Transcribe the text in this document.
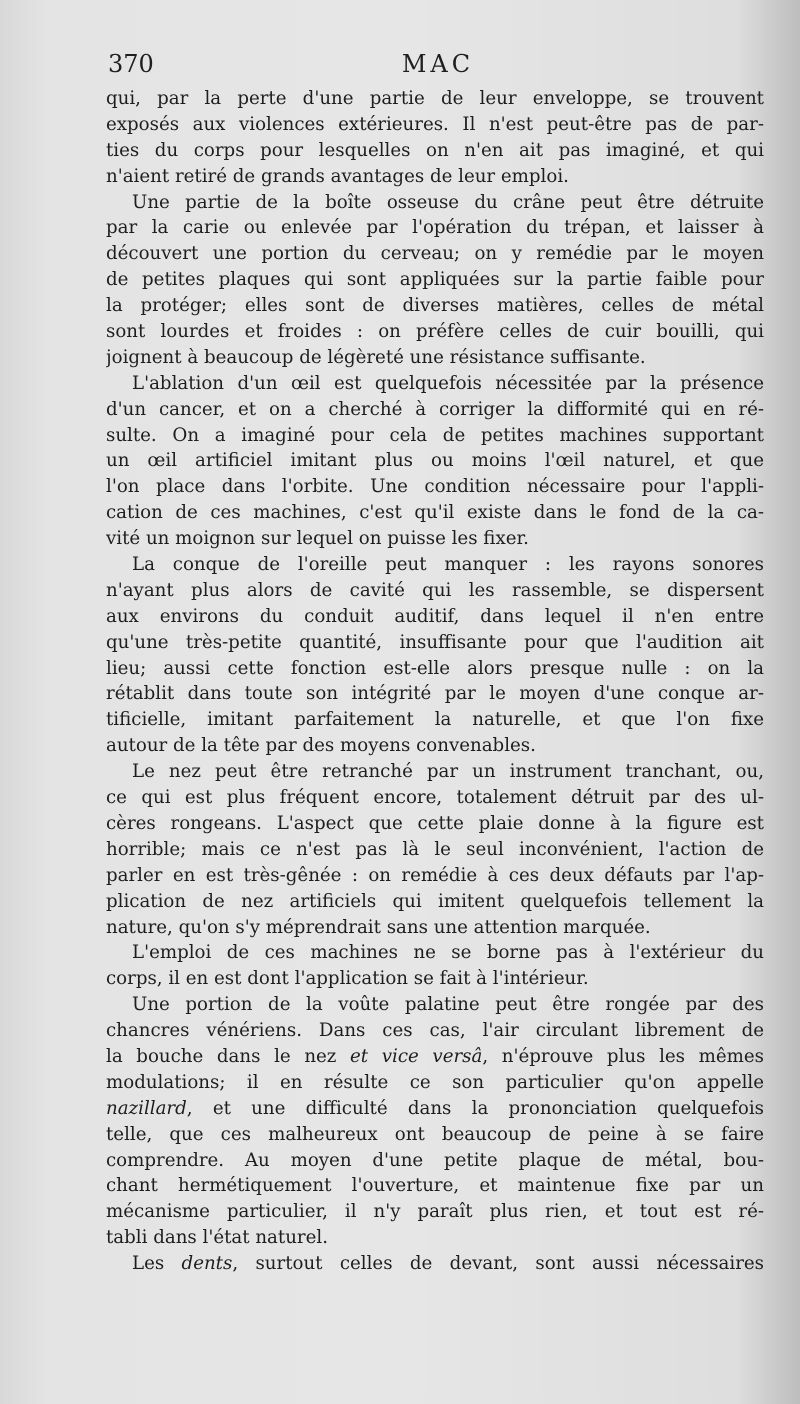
370	MAC
qui, par la perte d'une partie de leur enveloppe, se trouvent
exposés aux violences extérieures. Il n'est peut-être pas de par-
ties du corps pour lesquelles on n'en ait pas imaginé, et qui
n'aient retiré de grands avantages de leur emploi.
Une partie de la boîte osseuse du crâne peut être détruite
par la carie ou enlevée par l'opération du trépan, et laisser à
découvert une portion du cerveau; on y remédie par le moyen
de petites plaques qui sont appliquées sur la partie faible pour
la protéger; elles sont de diverses matières, celles de métal
sont lourdes et froides : on préfère celles de cuir bouilli, qui
joignent à beaucoup de légèreté une résistance suffisante.
L'ablation d'un œil est quelquefois nécessitée par la présence
d'un cancer, et on a cherché à corriger la difformité qui en ré-
sulte. On a imaginé pour cela de petites machines supportant
un œil artificiel imitant plus ou moins l'œil naturel, et que
l'on place dans l'orbite. Une condition nécessaire pour l'appli-
cation de ces machines, c'est qu'il existe dans le fond de la ca-
vité un moignon sur lequel on puisse les fixer.
La conque de l'oreille peut manquer : les rayons sonores
n'ayant plus alors de cavité qui les rassemble, se dispersent
aux environs du conduit auditif, dans lequel il n'en entre
qu'une très-petite quantité, insuffisante pour que l'audition ait
lieu; aussi cette fonction est-elle alors presque nulle : on la
rétablit dans toute son intégrité par le moyen d'une conque ar-
tificielle, imitant parfaitement la naturelle, et que l'on fixe
autour de la tête par des moyens convenables.
Le nez peut être retranché par un instrument tranchant, ou,
ce qui est plus fréquent encore, totalement détruit par des ul-
cères rongeans. L'aspect que cette plaie donne à la figure est
horrible; mais ce n'est pas là le seul inconvénient, l'action de
parler en est très-gênée : on remédie à ces deux défauts par l'ap-
plication de nez artificiels qui imitent quelquefois tellement la
nature, qu'on s'y méprendrait sans une attention marquée.
L'emploi de ces machines ne se borne pas à l'extérieur du
corps, il en est dont l'application se fait à l'intérieur.
Une portion de la voûte palatine peut être rongée par des
chancres vénériens. Dans ces cas, l'air circulant librement de
la bouche dans le nez et vice versâ, n'éprouve plus les mêmes
modulations; il en résulte ce son particulier qu'on appelle
nazillard, et une difficulté dans la prononciation quelquefois
telle, que ces malheureux ont beaucoup de peine à se faire
comprendre. Au moyen d'une petite plaque de métal, bou-
chant hermétiquement l'ouverture, et maintenue fixe par un
mécanisme particulier, il n'y paraît plus rien, et tout est ré-
tabli dans l'état naturel.
Les dents, surtout celles de devant, sont aussi nécessaires
